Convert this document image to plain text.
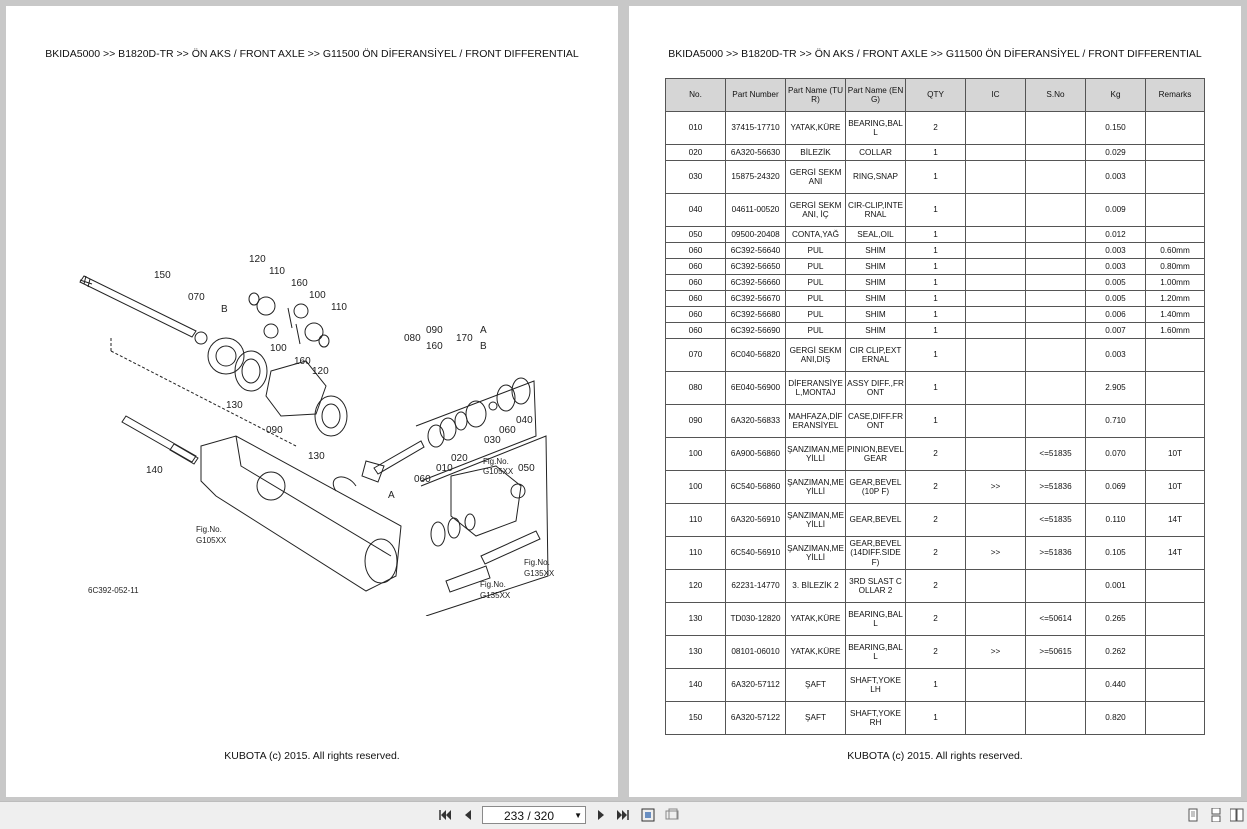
BKIDA5000 >> B1820D-TR >> ÖN AKS / FRONT AXLE >> G11500 ÖN DİFERANSİYEL / FRONT DIFFERENTIAL
150
070
B
120
110
160
100
110
100
160
120
130
090
130
140
080
090
160
170
A
B
040
060
030
010
020
060
A
050
Fig.No.
G105XX
Fig.No.
G105XX
Fig.No.
G135XX
Fig.No.
G135XX
6C392-052-11
KUBOTA (c) 2015. All rights reserved.
BKIDA5000 >> B1820D-TR >> ÖN AKS / FRONT AXLE >> G11500 ÖN DİFERANSİYEL / FRONT DIFFERENTIAL
No.	Part Number	Part Name (TUR)	Part Name (ENG)	QTY	IC	S.No	Kg	Remarks
010	37415-17710	YATAK,KÜRE	BEARING,BALL	2			0.150	
020	6A320-56630	BİLEZİK	COLLAR	1			0.029	
030	15875-24320	GERGİ SEKMANI	RING,SNAP	1			0.003	
040	04611-00520	GERGİ SEKMANI, İÇ	CIR-CLIP,INTERNAL	1			0.009	
050	09500-20408	CONTA,YAĞ	SEAL,OIL	1			0.012	
060	6C392-56640	PUL	SHIM	1			0.003	0.60mm
060	6C392-56650	PUL	SHIM	1			0.003	0.80mm
060	6C392-56660	PUL	SHIM	1			0.005	1.00mm
060	6C392-56670	PUL	SHIM	1			0.005	1.20mm
060	6C392-56680	PUL	SHIM	1			0.006	1.40mm
060	6C392-56690	PUL	SHIM	1			0.007	1.60mm
070	6C040-56820	GERGİ SEKMANI,DIŞ	CIR CLIP,EXTERNAL	1			0.003	
080	6E040-56900	DİFERANSİYEL,MONTAJ	ASSY DIFF.,FRONT	1			2.905	
090	6A320-56833	MAHFAZA,DİFERANSİYEL	CASE,DIFF.FRONT	1			0.710	
100	6A900-56860	ŞANZIMAN,MEYİLLİ	PINION,BEVEL GEAR	2		<=51835	0.070	10T
100	6C540-56860	ŞANZIMAN,MEYİLLİ	GEAR,BEVEL (10P F)	2	>>	>=51836	0.069	10T
110	6A320-56910	ŞANZIMAN,MEYİLLİ	GEAR,BEVEL	2		<=51835	0.110	14T
110	6C540-56910	ŞANZIMAN,MEYİLLİ	GEAR,BEVEL (14DIFF.SIDE F)	2	>>	>=51836	0.105	14T
120	62231-14770	3. BİLEZİK 2	3RD SLAST COLLAR 2	2			0.001	
130	TD030-12820	YATAK,KÜRE	BEARING,BALL	2		<=50614	0.265	
130	08101-06010	YATAK,KÜRE	BEARING,BALL	2	>>	>=50615	0.262	
140	6A320-57112	ŞAFT	SHAFT,YOKE LH	1			0.440	
150	6A320-57122	ŞAFT	SHAFT,YOKE RH	1			0.820	
KUBOTA (c) 2015. All rights reserved.
233 / 320	▼
